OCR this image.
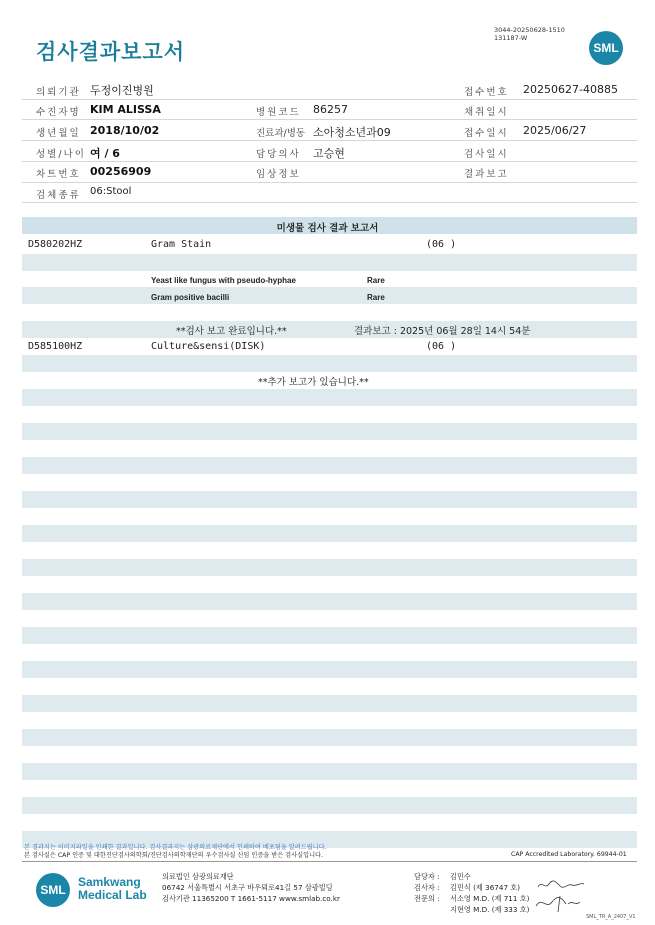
검사결과보고서
3044-20250628-1510
131187-W
SML
의뢰기관 두정이진병원	접수번호 20250627-40885
수진자명 KIM ALISSA	병원코드 86257	채취일시
생년월일 2018/10/02	진료과/병동 소아청소년과09	접수일시 2025/06/27
성별/나이 여 / 6	담당의사 고승현	검사일시
차트번호 00256909	임상정보	결과보고
검체종류 06:Stool
미생물 검사 결과 보고서
D580202HZ	Gram Stain	(06 )
Yeast like fungus with pseudo-hyphae	Rare
Gram positive bacilli	Rare
**검사 보고 완료입니다.**	결과보고 : 2025년 06월 28일 14시 54분
D585100HZ	Culture&sensi(DISK)	(06 )
**추가 보고가 있습니다.**
본 결과지는 이미지파일을 인쇄한 결과입니다. 검사결과지는 삼광의료재단에서 인쇄하여 배포됨을 알려드립니다.
본 검사실은 CAP 인증 및 대한진단검사의학회/진단검사의학재단의 우수검사실 신임 인증을 받은 검사실입니다.	CAP Accredited Laboratory. 69944-01
SML
Samkwang
Medical Lab
의료법인 삼광의료재단
06742 서울특별시 서초구 바우뫼로41길 57 삼광빌딩
검사기관 11365200 T 1661-5117 www.smlab.co.kr
담당자 : 김민수
검사자 : 김민식 (제 36747 호)
전문의 : 서소영 M.D. (제 711 호)
지현영 M.D. (제 333 호)
SML_TR_A_2407_V1
